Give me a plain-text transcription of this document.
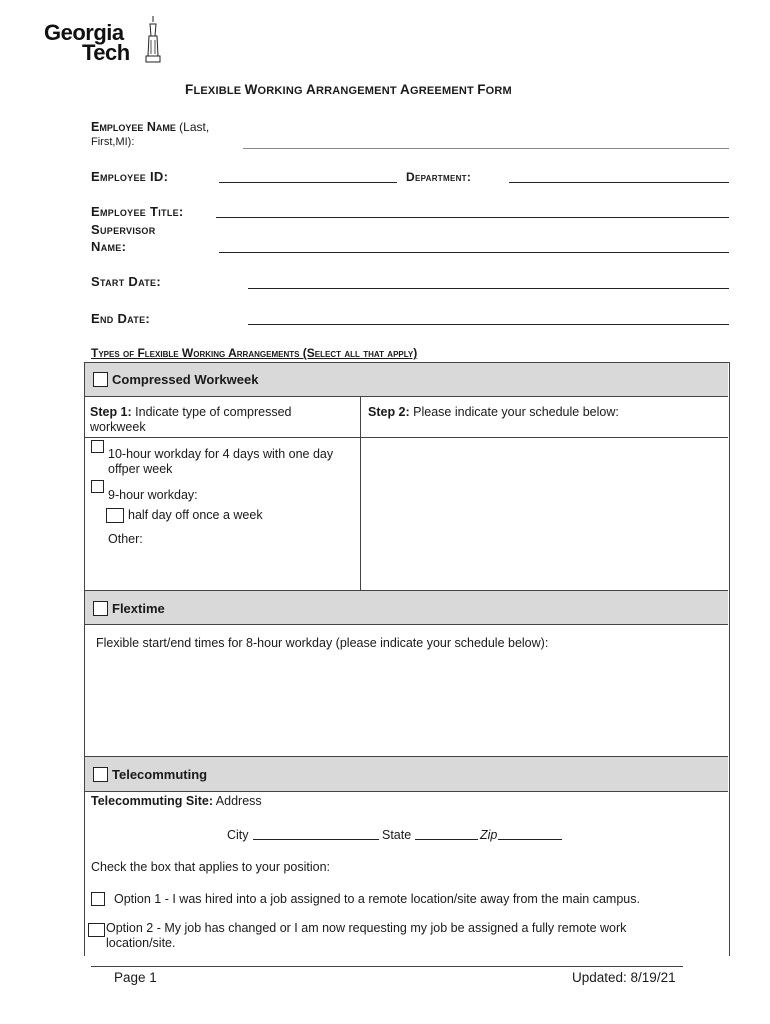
Georgia
Tech
FLEXIBLE WORKING ARRANGEMENT AGREEMENT FORM
Employee Name (Last,
First,MI):
Employee ID:	Department:
Employee Title:
Supervisor
Name:
Start Date:
End Date:
Types of Flexible Working Arrangements (Select all that apply)
Compressed Workweek
Step 1: Indicate type of compressed
workweek
Step 2: Please indicate your schedule below:
10-hour workday for 4 days with one day
offper week
9-hour workday:
half day off once a week
Other:
Flextime
Flexible start/end times for 8-hour workday (please indicate your schedule below):
Telecommuting
Telecommuting Site: Address
City	State	Zip
Check the box that applies to your position:
Option 1 - I was hired into a job assigned to a remote location/site away from the main campus.
Option 2 - My job has changed or I am now requesting my job be assigned a fully remote work
location/site.
Page 1	Updated: 8/19/21
